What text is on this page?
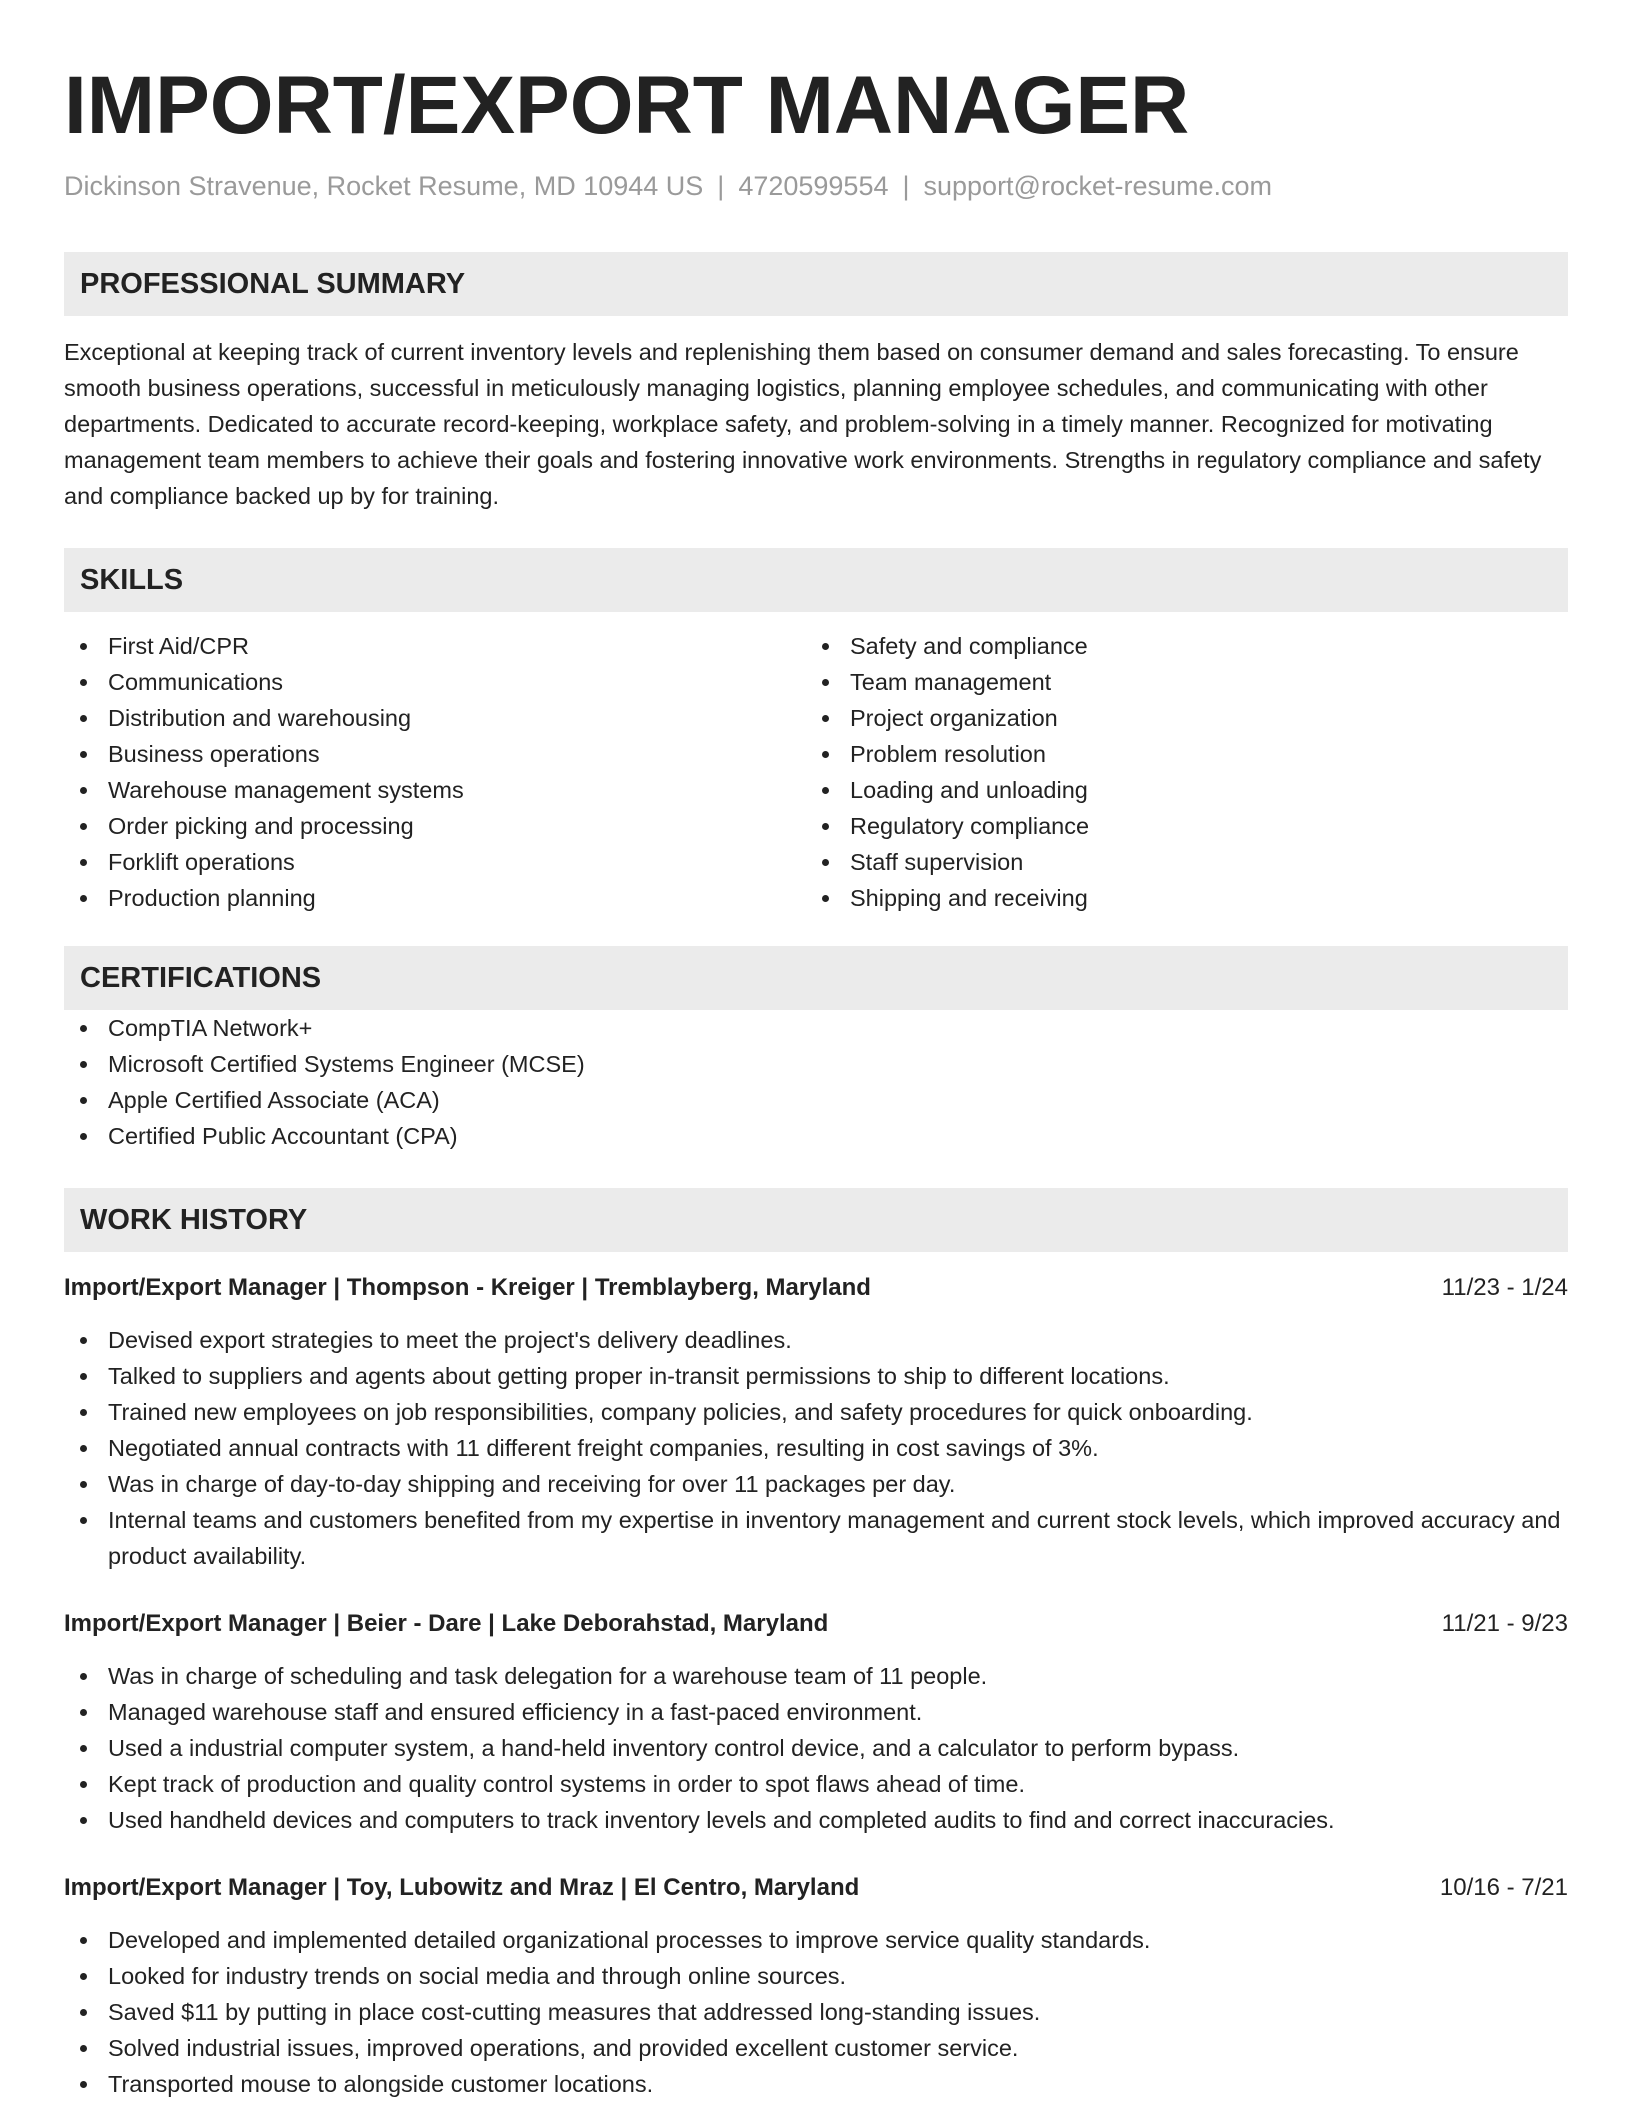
IMPORT/EXPORT MANAGER
Dickinson Stravenue, Rocket Resume, MD 10944 US | 4720599554 | support@rocket-resume.com
PROFESSIONAL SUMMARY
Exceptional at keeping track of current inventory levels and replenishing them based on consumer demand and sales forecasting. To ensure smooth business operations, successful in meticulously managing logistics, planning employee schedules, and communicating with other departments. Dedicated to accurate record-keeping, workplace safety, and problem-solving in a timely manner. Recognized for motivating management team members to achieve their goals and fostering innovative work environments. Strengths in regulatory compliance and safety and compliance backed up by for training.
SKILLS
First Aid/CPR
Communications
Distribution and warehousing
Business operations
Warehouse management systems
Order picking and processing
Forklift operations
Production planning
Safety and compliance
Team management
Project organization
Problem resolution
Loading and unloading
Regulatory compliance
Staff supervision
Shipping and receiving
CERTIFICATIONS
CompTIA Network+
Microsoft Certified Systems Engineer (MCSE)
Apple Certified Associate (ACA)
Certified Public Accountant (CPA)
WORK HISTORY
Import/Export Manager | Thompson - Kreiger | Tremblayberg, Maryland	11/23 - 1/24
Devised export strategies to meet the project's delivery deadlines.
Talked to suppliers and agents about getting proper in-transit permissions to ship to different locations.
Trained new employees on job responsibilities, company policies, and safety procedures for quick onboarding.
Negotiated annual contracts with 11 different freight companies, resulting in cost savings of 3%.
Was in charge of day-to-day shipping and receiving for over 11 packages per day.
Internal teams and customers benefited from my expertise in inventory management and current stock levels, which improved accuracy and product availability.
Import/Export Manager | Beier - Dare | Lake Deborahstad, Maryland	11/21 - 9/23
Was in charge of scheduling and task delegation for a warehouse team of 11 people.
Managed warehouse staff and ensured efficiency in a fast-paced environment.
Used a industrial computer system, a hand-held inventory control device, and a calculator to perform bypass.
Kept track of production and quality control systems in order to spot flaws ahead of time.
Used handheld devices and computers to track inventory levels and completed audits to find and correct inaccuracies.
Import/Export Manager | Toy, Lubowitz and Mraz | El Centro, Maryland	10/16 - 7/21
Developed and implemented detailed organizational processes to improve service quality standards.
Looked for industry trends on social media and through online sources.
Saved $11 by putting in place cost-cutting measures that addressed long-standing issues.
Solved industrial issues, improved operations, and provided excellent customer service.
Transported mouse to alongside customer locations.
